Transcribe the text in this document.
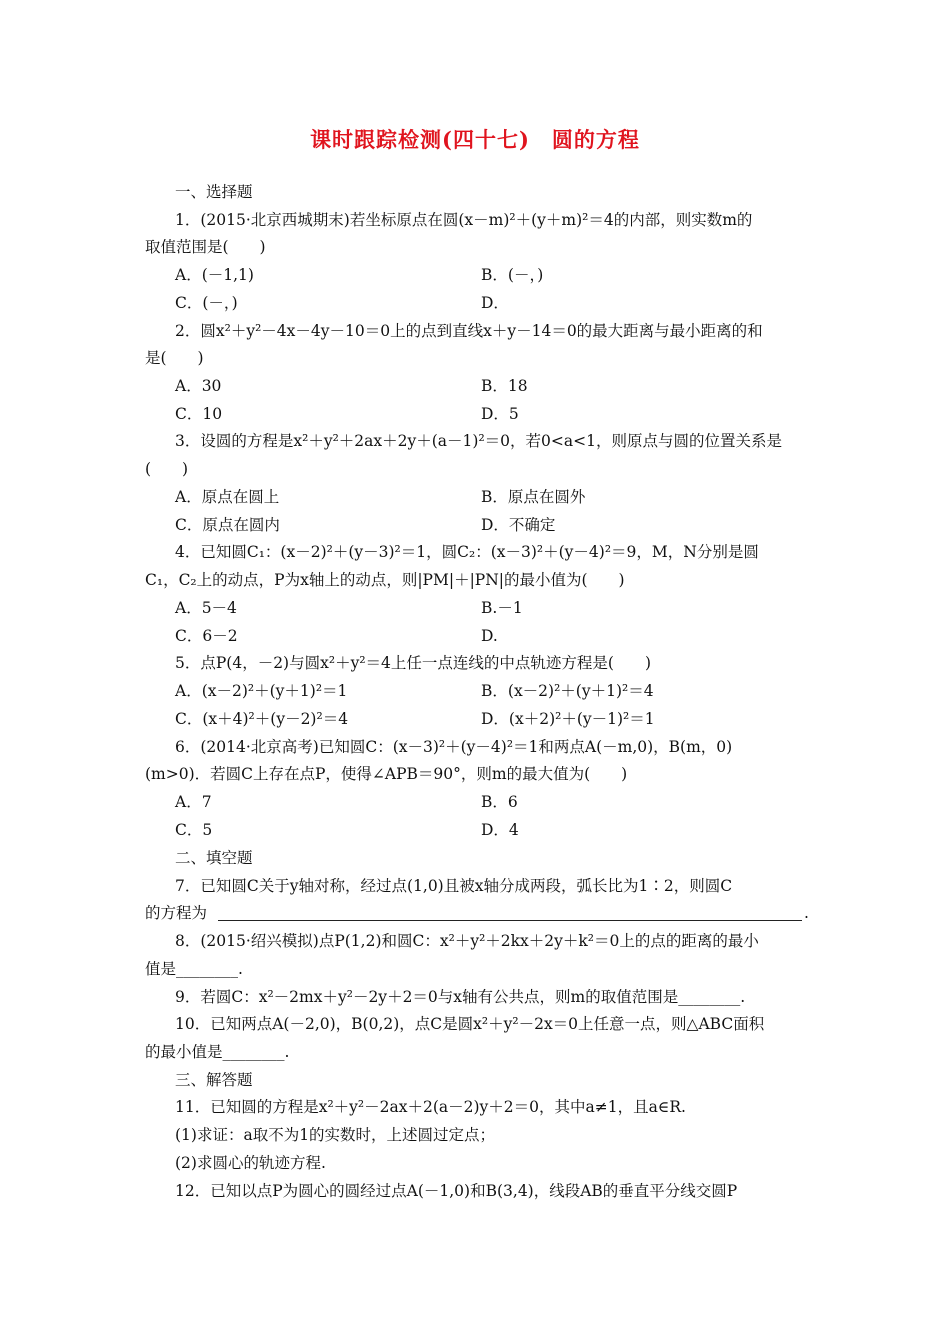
课时跟踪检测(四十七)　圆的方程
一、选择题
1．(2015·北京西城期末)若坐标原点在圆(x－m)²＋(y＋m)²＝4的内部，则实数m的
取值范围是(　　)
A．(－1,1)	B．(－，)
C．(－，)	D．
2．圆x²＋y²－4x－4y－10＝0上的点到直线x＋y－14＝0的最大距离与最小距离的和
是(　　)
A．30	B．18
C．10	D．5
3．设圆的方程是x²＋y²＋2ax＋2y＋(a－1)²＝0，若0<a<1，则原点与圆的位置关系是
(　　)
A．原点在圆上	B．原点在圆外
C．原点在圆内	D．不确定
4．已知圆C₁：(x－2)²＋(y－3)²＝1，圆C₂：(x－3)²＋(y－4)²＝9，M，N分别是圆
C₁，C₂上的动点，P为x轴上的动点，则|PM|＋|PN|的最小值为(　　)
A．5－4	B.－1
C．6－2	D.
5．点P(4，－2)与圆x²＋y²＝4上任一点连线的中点轨迹方程是(　　)
A．(x－2)²＋(y＋1)²＝1	B．(x－2)²＋(y＋1)²＝4
C．(x＋4)²＋(y－2)²＝4	D．(x＋2)²＋(y－1)²＝1
6．(2014·北京高考)已知圆C：(x－3)²＋(y－4)²＝1和两点A(－m,0)，B(m，0)
(m>0)．若圆C上存在点P，使得∠APB＝90°，则m的最大值为(　　)
A．7	B．6
C．5	D．4
二、填空题
7．已知圆C关于y轴对称，经过点(1,0)且被x轴分成两段，弧长比为1∶2，则圆C
的方程为	.
8．(2015·绍兴模拟)点P(1,2)和圆C：x²＋y²＋2kx＋2y＋k²＝0上的点的距离的最小
值是________.
9．若圆C：x²－2mx＋y²－2y＋2＝0与x轴有公共点，则m的取值范围是________.
10．已知两点A(－2,0)，B(0,2)，点C是圆x²＋y²－2x＝0上任意一点，则△ABC面积
的最小值是________.
三、解答题
11．已知圆的方程是x²＋y²－2ax＋2(a－2)y＋2＝0，其中a≠1，且a∈R.
(1)求证：a取不为1的实数时，上述圆过定点；
(2)求圆心的轨迹方程.
12．已知以点P为圆心的圆经过点A(－1,0)和B(3,4)，线段AB的垂直平分线交圆P
